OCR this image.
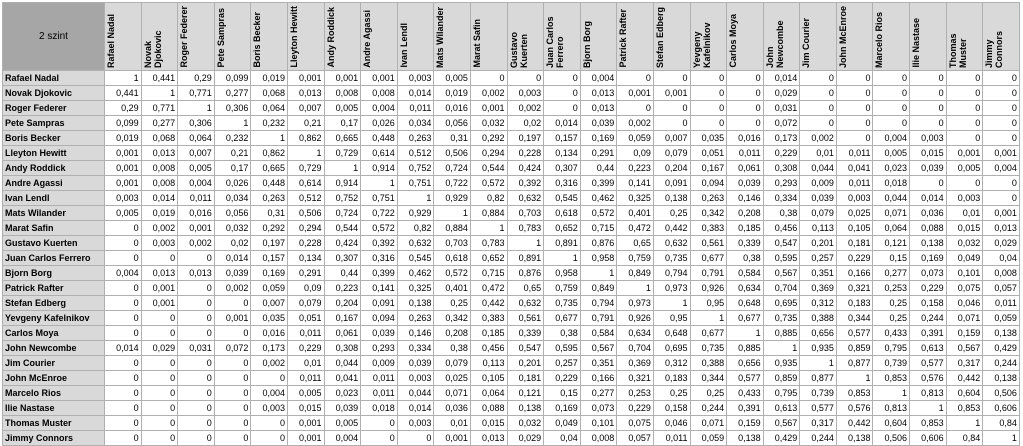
2 szint	Rafael Nadal	Novak Djokovic	Roger Federer	Pete Sampras	Boris Becker	Lleyton Hewitt	Andy Roddick	Andre Agassi	Ivan Lendl	Mats Wilander	Marat Safin	Gustavo Kuerten	Juan Carlos Ferrero	Bjorn Borg	Patrick Rafter	Stefan Edberg	Yevgeny Kafelnikov	Carlos Moya	John Newcombe	Jim Courier	John McEnroe	Marcelo Rios	Ilie Nastase	Thomas Muster	Jimmy Connors

Rafael Nadal	1	0,441	0,29	0,099	0,019	0,001	0,001	0,001	0,003	0,005	0	0	0	0,004	0	0	0	0	0,014	0	0	0	0	0	0
Novak Djokovic	0,441	1	0,771	0,277	0,068	0,013	0,008	0,008	0,014	0,019	0,002	0,003	0	0,013	0,001	0,001	0	0	0,029	0	0	0	0	0	0
Roger Federer	0,29	0,771	1	0,306	0,064	0,007	0,005	0,004	0,011	0,016	0,001	0,002	0	0,013	0	0	0	0	0,031	0	0	0	0	0	0
Pete Sampras	0,099	0,277	0,306	1	0,232	0,21	0,17	0,026	0,034	0,056	0,032	0,02	0,014	0,039	0,002	0	0	0	0,072	0	0	0	0	0	0
Boris Becker	0,019	0,068	0,064	0,232	1	0,862	0,665	0,448	0,263	0,31	0,292	0,197	0,157	0,169	0,059	0,007	0,035	0,016	0,173	0,002	0	0,004	0,003	0	0
Lleyton Hewitt	0,001	0,013	0,007	0,21	0,862	1	0,729	0,614	0,512	0,506	0,294	0,228	0,134	0,291	0,09	0,079	0,051	0,011	0,229	0,01	0,011	0,005	0,015	0,001	0,001
Andy Roddick	0,001	0,008	0,005	0,17	0,665	0,729	1	0,914	0,752	0,724	0,544	0,424	0,307	0,44	0,223	0,204	0,167	0,061	0,308	0,044	0,041	0,023	0,039	0,005	0,004
Andre Agassi	0,001	0,008	0,004	0,026	0,448	0,614	0,914	1	0,751	0,722	0,572	0,392	0,316	0,399	0,141	0,091	0,094	0,039	0,293	0,009	0,011	0,018	0	0	0
Ivan Lendl	0,003	0,014	0,011	0,034	0,263	0,512	0,752	0,751	1	0,929	0,82	0,632	0,545	0,462	0,325	0,138	0,263	0,146	0,334	0,039	0,003	0,044	0,014	0,003	0
Mats Wilander	0,005	0,019	0,016	0,056	0,31	0,506	0,724	0,722	0,929	1	0,884	0,703	0,618	0,572	0,401	0,25	0,342	0,208	0,38	0,079	0,025	0,071	0,036	0,01	0,001
Marat Safin	0	0,002	0,001	0,032	0,292	0,294	0,544	0,572	0,82	0,884	1	0,783	0,652	0,715	0,472	0,442	0,383	0,185	0,456	0,113	0,105	0,064	0,088	0,015	0,013
Gustavo Kuerten	0	0,003	0,002	0,02	0,197	0,228	0,424	0,392	0,632	0,703	0,783	1	0,891	0,876	0,65	0,632	0,561	0,339	0,547	0,201	0,181	0,121	0,138	0,032	0,029
Juan Carlos Ferrero	0	0	0	0,014	0,157	0,134	0,307	0,316	0,545	0,618	0,652	0,891	1	0,958	0,759	0,735	0,677	0,38	0,595	0,257	0,229	0,15	0,169	0,049	0,04
Bjorn Borg	0,004	0,013	0,013	0,039	0,169	0,291	0,44	0,399	0,462	0,572	0,715	0,876	0,958	1	0,849	0,794	0,791	0,584	0,567	0,351	0,166	0,277	0,073	0,101	0,008
Patrick Rafter	0	0,001	0	0,002	0,059	0,09	0,223	0,141	0,325	0,401	0,472	0,65	0,759	0,849	1	0,973	0,926	0,634	0,704	0,369	0,321	0,253	0,229	0,075	0,057
Stefan Edberg	0	0,001	0	0	0,007	0,079	0,204	0,091	0,138	0,25	0,442	0,632	0,735	0,794	0,973	1	0,95	0,648	0,695	0,312	0,183	0,25	0,158	0,046	0,011
Yevgeny Kafelnikov	0	0	0	0,001	0,035	0,051	0,167	0,094	0,263	0,342	0,383	0,561	0,677	0,791	0,926	0,95	1	0,677	0,735	0,388	0,344	0,25	0,244	0,071	0,059
Carlos Moya	0	0	0	0	0,016	0,011	0,061	0,039	0,146	0,208	0,185	0,339	0,38	0,584	0,634	0,648	0,677	1	0,885	0,656	0,577	0,433	0,391	0,159	0,138
John Newcombe	0,014	0,029	0,031	0,072	0,173	0,229	0,308	0,293	0,334	0,38	0,456	0,547	0,595	0,567	0,704	0,695	0,735	0,885	1	0,935	0,859	0,795	0,613	0,567	0,429
Jim Courier	0	0	0	0	0,002	0,01	0,044	0,009	0,039	0,079	0,113	0,201	0,257	0,351	0,369	0,312	0,388	0,656	0,935	1	0,877	0,739	0,577	0,317	0,244
John McEnroe	0	0	0	0	0	0,011	0,041	0,011	0,003	0,025	0,105	0,181	0,229	0,166	0,321	0,183	0,344	0,577	0,859	0,877	1	0,853	0,576	0,442	0,138
Marcelo Rios	0	0	0	0	0,004	0,005	0,023	0,011	0,044	0,071	0,064	0,121	0,15	0,277	0,253	0,25	0,25	0,433	0,795	0,739	0,853	1	0,813	0,604	0,506
Ilie Nastase	0	0	0	0	0,003	0,015	0,039	0,018	0,014	0,036	0,088	0,138	0,169	0,073	0,229	0,158	0,244	0,391	0,613	0,577	0,576	0,813	1	0,853	0,606
Thomas Muster	0	0	0	0	0	0,001	0,005	0	0,003	0,01	0,015	0,032	0,049	0,101	0,075	0,046	0,071	0,159	0,567	0,317	0,442	0,604	0,853	1	0,84
Jimmy Connors	0	0	0	0	0	0,001	0,004	0	0	0,001	0,013	0,029	0,04	0,008	0,057	0,011	0,059	0,138	0,429	0,244	0,138	0,506	0,606	0,84	1
